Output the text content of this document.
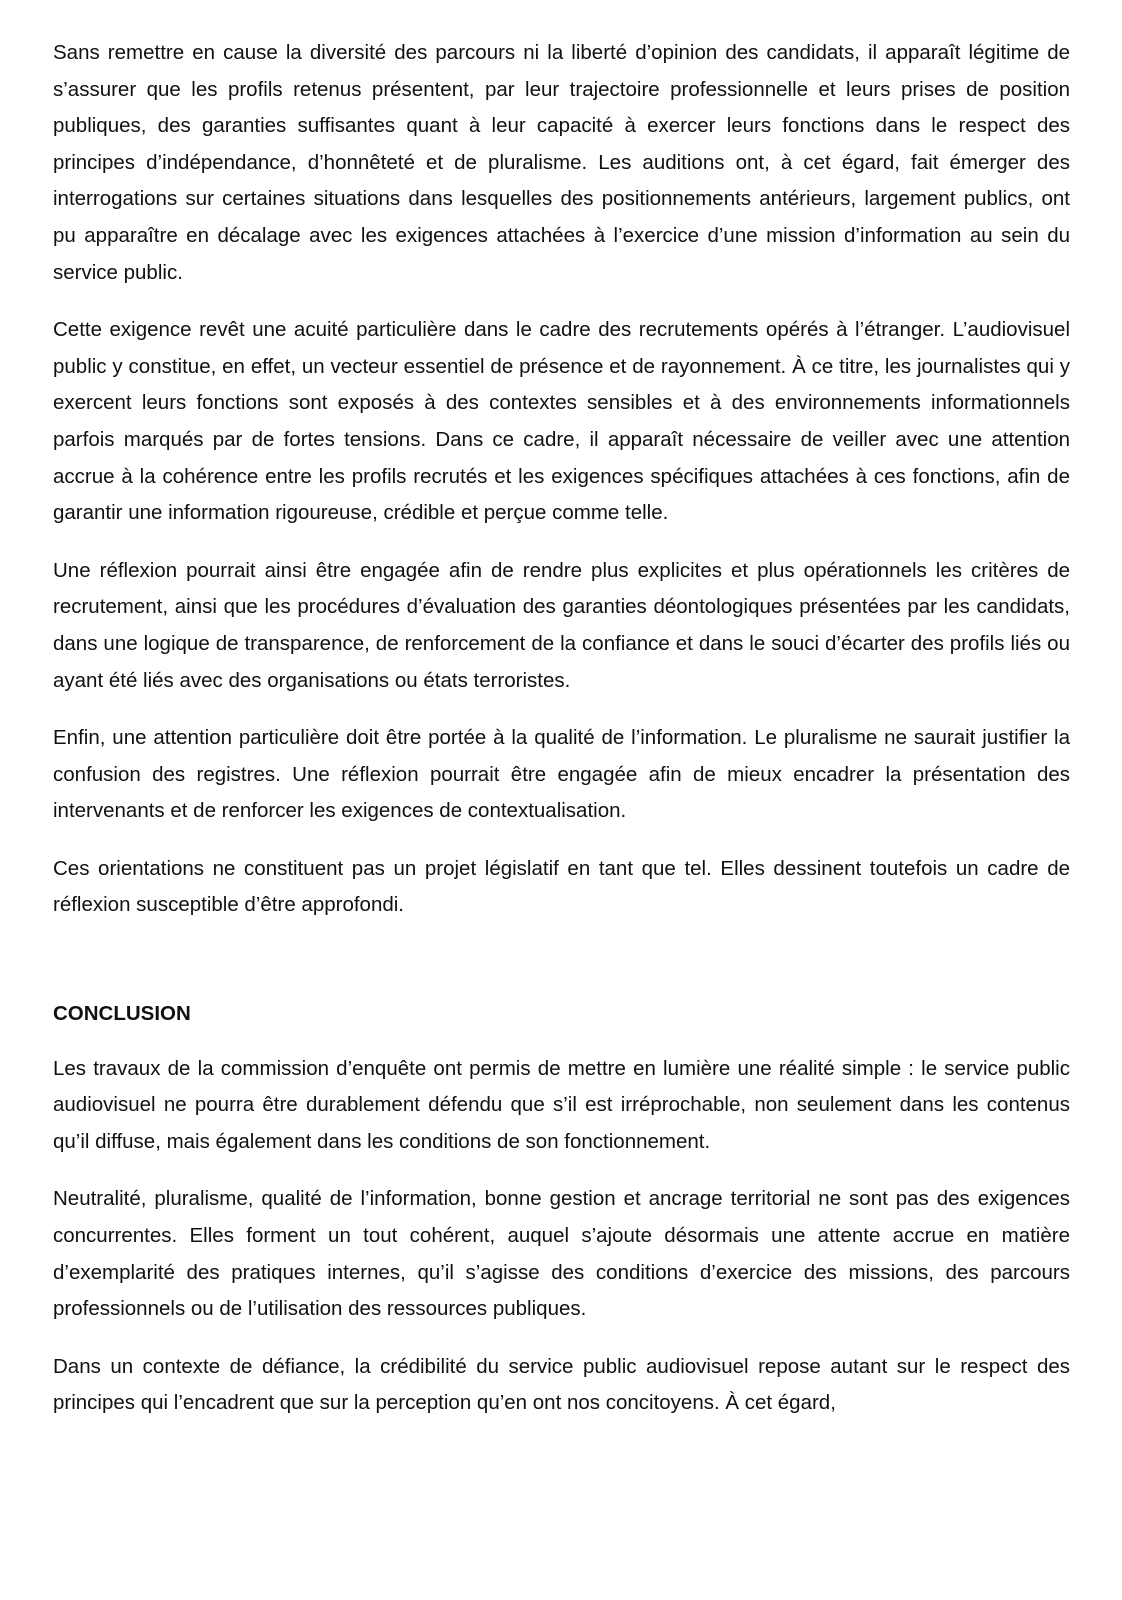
Sans remettre en cause la diversité des parcours ni la liberté d’opinion des candidats, il apparaît légitime de s’assurer que les profils retenus présentent, par leur trajectoire professionnelle et leurs prises de position publiques, des garanties suffisantes quant à leur capacité à exercer leurs fonctions dans le respect des principes d’indépendance, d’honnêteté et de pluralisme. Les auditions ont, à cet égard, fait émerger des interrogations sur certaines situations dans lesquelles des positionnements antérieurs, largement publics, ont pu apparaître en décalage avec les exigences attachées à l’exercice d’une mission d’information au sein du service public.

Cette exigence revêt une acuité particulière dans le cadre des recrutements opérés à l’étranger. L’audiovisuel public y constitue, en effet, un vecteur essentiel de présence et de rayonnement. À ce titre, les journalistes qui y exercent leurs fonctions sont exposés à des contextes sensibles et à des environnements informationnels parfois marqués par de fortes tensions. Dans ce cadre, il apparaît nécessaire de veiller avec une attention accrue à la cohérence entre les profils recrutés et les exigences spécifiques attachées à ces fonctions, afin de garantir une information rigoureuse, crédible et perçue comme telle.

Une réflexion pourrait ainsi être engagée afin de rendre plus explicites et plus opérationnels les critères de recrutement, ainsi que les procédures d’évaluation des garanties déontologiques présentées par les candidats, dans une logique de transparence, de renforcement de la confiance et dans le souci d’écarter des profils liés ou ayant été liés avec des organisations ou états terroristes.

Enfin, une attention particulière doit être portée à la qualité de l’information. Le pluralisme ne saurait justifier la confusion des registres. Une réflexion pourrait être engagée afin de mieux encadrer la présentation des intervenants et de renforcer les exigences de contextualisation.

Ces orientations ne constituent pas un projet législatif en tant que tel. Elles dessinent toutefois un cadre de réflexion susceptible d’être approfondi.

CONCLUSION

Les travaux de la commission d’enquête ont permis de mettre en lumière une réalité simple : le service public audiovisuel ne pourra être durablement défendu que s’il est irréprochable, non seulement dans les contenus qu’il diffuse, mais également dans les conditions de son fonctionnement.

Neutralité, pluralisme, qualité de l’information, bonne gestion et ancrage territorial ne sont pas des exigences concurrentes. Elles forment un tout cohérent, auquel s’ajoute désormais une attente accrue en matière d’exemplarité des pratiques internes, qu’il s’agisse des conditions d’exercice des missions, des parcours professionnels ou de l’utilisation des ressources publiques.

Dans un contexte de défiance, la crédibilité du service public audiovisuel repose autant sur le respect des principes qui l’encadrent que sur la perception qu’en ont nos concitoyens. À cet égard,
